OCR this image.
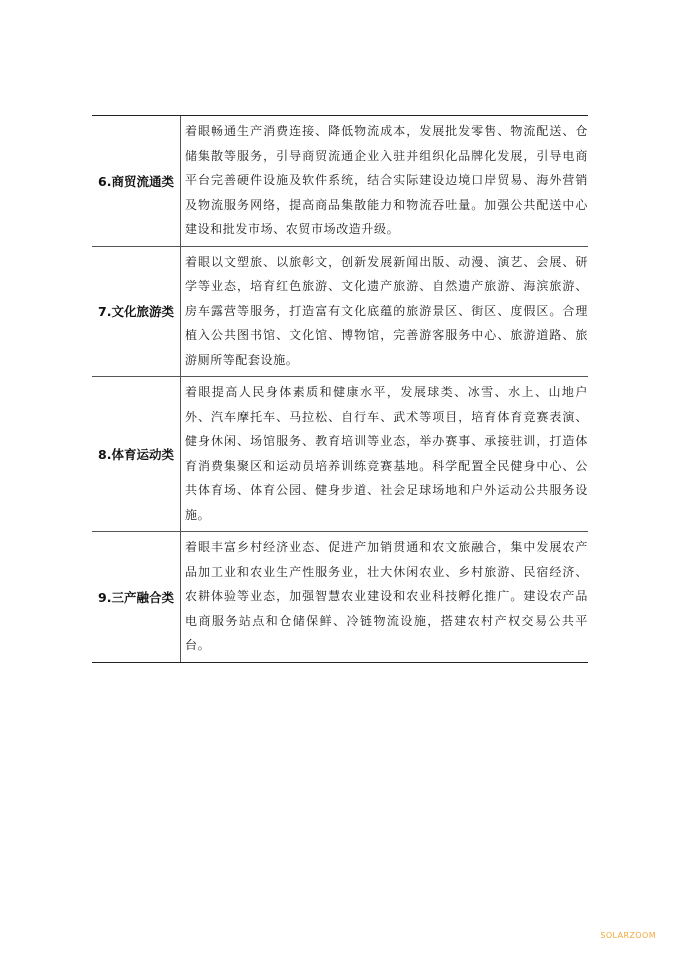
6.商贸流通类
着眼畅通生产消费连接、降低物流成本，发展批发零售、物流配送、仓储集散等服务，引导商贸流通企业入驻并组织化品牌化发展，引导电商平台完善硬件设施及软件系统，结合实际建设边境口岸贸易、海外营销及物流服务网络，提高商品集散能力和物流吞吐量。加强公共配送中心建设和批发市场、农贸市场改造升级。
7.文化旅游类
着眼以文塑旅、以旅彰文，创新发展新闻出版、动漫、演艺、会展、研学等业态，培育红色旅游、文化遗产旅游、自然遗产旅游、海滨旅游、房车露营等服务，打造富有文化底蕴的旅游景区、街区、度假区。合理植入公共图书馆、文化馆、博物馆，完善游客服务中心、旅游道路、旅游厕所等配套设施。
8.体育运动类
着眼提高人民身体素质和健康水平，发展球类、冰雪、水上、山地户外、汽车摩托车、马拉松、自行车、武术等项目，培育体育竞赛表演、健身休闲、场馆服务、教育培训等业态，举办赛事、承接驻训，打造体育消费集聚区和运动员培养训练竞赛基地。科学配置全民健身中心、公共体育场、体育公园、健身步道、社会足球场地和户外运动公共服务设施。
9.三产融合类
着眼丰富乡村经济业态、促进产加销贯通和农文旅融合，集中发展农产品加工业和农业生产性服务业，壮大休闲农业、乡村旅游、民宿经济、农耕体验等业态，加强智慧农业建设和农业科技孵化推广。建设农产品电商服务站点和仓储保鲜、冷链物流设施，搭建农村产权交易公共平台。
SOLARZOOM
